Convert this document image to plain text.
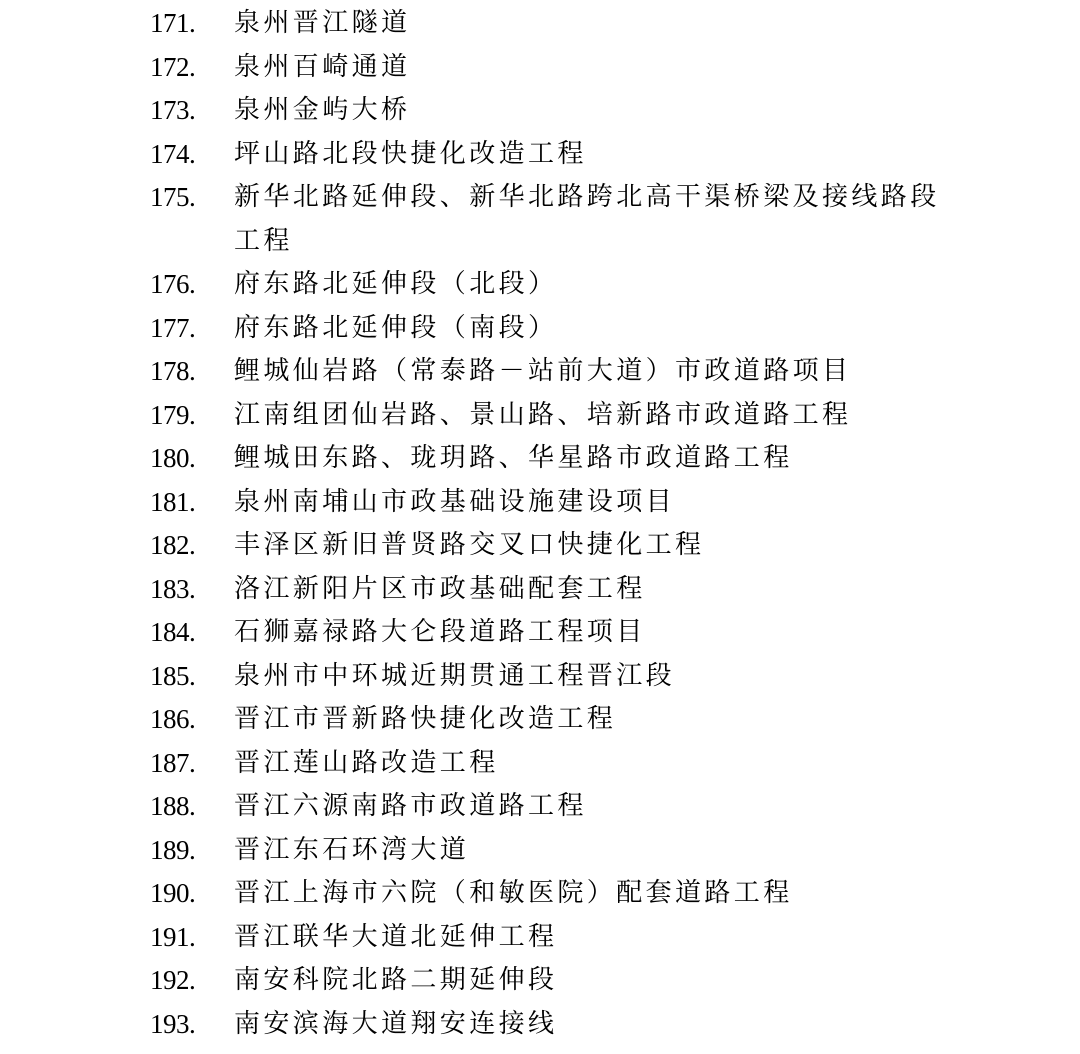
171.	泉州晋江隧道
172.	泉州百崎通道
173.	泉州金屿大桥
174.	坪山路北段快捷化改造工程
175.	新华北路延伸段、新华北路跨北高干渠桥梁及接线路段
工程
176.	府东路北延伸段（北段）
177.	府东路北延伸段（南段）
178.	鲤城仙岩路（常泰路－站前大道）市政道路项目
179.	江南组团仙岩路、景山路、培新路市政道路工程
180.	鲤城田东路、珑玥路、华星路市政道路工程
181.	泉州南埔山市政基础设施建设项目
182.	丰泽区新旧普贤路交叉口快捷化工程
183.	洛江新阳片区市政基础配套工程
184.	石狮嘉禄路大仑段道路工程项目
185.	泉州市中环城近期贯通工程晋江段
186.	晋江市晋新路快捷化改造工程
187.	晋江莲山路改造工程
188.	晋江六源南路市政道路工程
189.	晋江东石环湾大道
190.	晋江上海市六院（和敏医院）配套道路工程
191.	晋江联华大道北延伸工程
192.	南安科院北路二期延伸段
193.	南安滨海大道翔安连接线
